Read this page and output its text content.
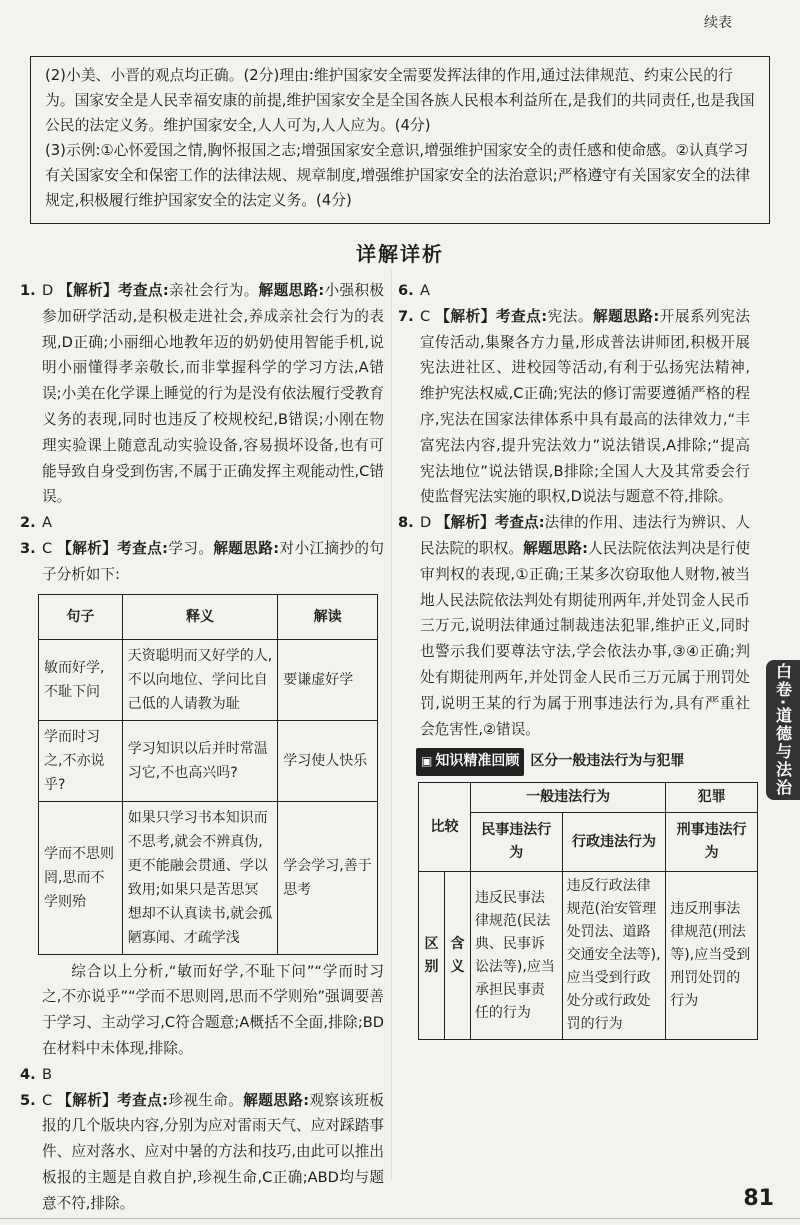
续表
(2)小美、小晋的观点均正确。(2分)理由:维护国家安全需要发挥法律的作用,通过法律规范、约束公民的行为。国家安全是人民幸福安康的前提,维护国家安全是全国各族人民根本利益所在,是我们的共同责任,也是我国公民的法定义务。维护国家安全,人人可为,人人应为。(4分)
(3)示例:①心怀爱国之情,胸怀报国之志;增强国家安全意识,增强维护国家安全的责任感和使命感。②认真学习有关国家安全和保密工作的法律法规、规章制度,增强维护国家安全的法治意识;严格遵守有关国家安全的法律规定,积极履行维护国家安全的法定义务。(4分)
详解详析
1. D 【解析】考查点:亲社会行为。解题思路:小强积极参加研学活动,是积极走进社会,养成亲社会行为的表现,D正确;小丽细心地教年迈的奶奶使用智能手机,说明小丽懂得孝亲敬长,而非掌握科学的学习方法,A错误;小美在化学课上睡觉的行为是没有依法履行受教育义务的表现,同时也违反了校规校纪,B错误;小刚在物理实验课上随意乱动实验设备,容易损坏设备,也有可能导致自身受到伤害,不属于正确发挥主观能动性,C错误。
2. A
3. C 【解析】考查点:学习。解题思路:对小江摘抄的句子分析如下:
句子	释义	解读
敏而好学,不耻下问	天资聪明而又好学的人,不以向地位、学问比自己低的人请教为耻	要谦虚好学
学而时习之,不亦说乎?	学习知识以后并时常温习它,不也高兴吗?	学习使人快乐
学而不思则罔,思而不学则殆	如果只学习书本知识而不思考,就会不辨真伪,更不能融会贯通、学以致用;如果只是苦思冥想却不认真读书,就会孤陋寡闻、才疏学浅	学会学习,善于思考
综合以上分析,“敏而好学,不耻下问”“学而时习之,不亦说乎”“学而不思则罔,思而不学则殆”强调要善于学习、主动学习,C符合题意;A概括不全面,排除;BD在材料中未体现,排除。
4. B
5. C 【解析】考查点:珍视生命。解题思路:观察该班板报的几个版块内容,分别为应对雷雨天气、应对踩踏事件、应对落水、应对中暑的方法和技巧,由此可以推出板报的主题是自救自护,珍视生命,C正确;ABD均与题意不符,排除。
6. A
7. C 【解析】考查点:宪法。解题思路:开展系列宪法宣传活动,集聚各方力量,形成普法讲师团,积极开展宪法进社区、进校园等活动,有利于弘扬宪法精神,维护宪法权威,C正确;宪法的修订需要遵循严格的程序,宪法在国家法律体系中具有最高的法律效力,“丰富宪法内容,提升宪法效力”说法错误,A排除;“提高宪法地位”说法错误,B排除;全国人大及其常委会行使监督宪法实施的职权,D说法与题意不符,排除。
8. D 【解析】考查点:法律的作用、违法行为辨识、人民法院的职权。解题思路:人民法院依法判决是行使审判权的表现,①正确;王某多次窃取他人财物,被当地人民法院依法判处有期徒刑两年,并处罚金人民币三万元,说明法律通过制裁违法犯罪,维护正义,同时也警示我们要尊法守法,学会依法办事,③④正确;判处有期徒刑两年,并处罚金人民币三万元属于刑罚处罚,说明王某的行为属于刑事违法行为,具有严重社会危害性,②错误。
▣ 知识精准回顾 区分一般违法行为与犯罪
比较		一般违法行为		犯罪
		民事违法行为	行政违法行为	刑事违法行为
区别	含义	违反民事法律规范(民法典、民事诉讼法等),应当承担民事责任的行为	违反行政法律规范(治安管理处罚法、道路交通安全法等),应当受到行政处分或行政处罚的行为	违反刑事法律规范(刑法等),应当受到刑罚处罚的行为
白卷·道德与法治
81
